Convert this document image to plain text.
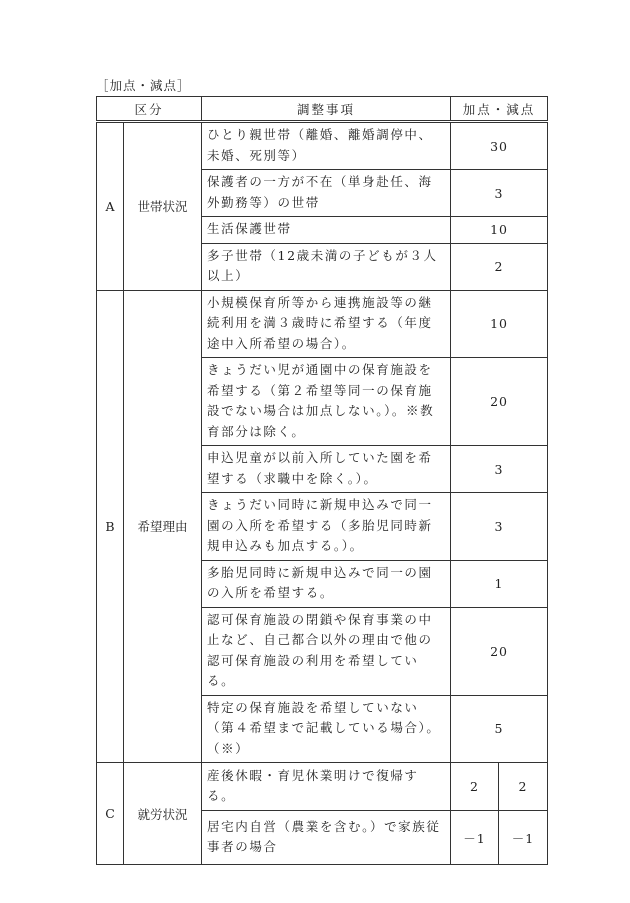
［加点・減点］
区分		調整事項	加点・減点	
A	世帯状況	ひとり親世帯（離婚、離婚調停中、未婚、死別等）	30	
		保護者の一方が不在（単身赴任、海外勤務等）の世帯	3	
		生活保護世帯	10	
		多子世帯（12歳未満の子どもが３人以上）	2	
B	希望理由	小規模保育所等から連携施設等の継続利用を満３歳時に希望する（年度途中入所希望の場合）。	10	
		きょうだい児が通園中の保育施設を希望する（第２希望等同一の保育施設でない場合は加点しない。）。※教育部分は除く。	20	
		申込児童が以前入所していた園を希望する（求職中を除く。）。	3	
		きょうだい同時に新規申込みで同一園の入所を希望する（多胎児同時新規申込みも加点する。）。	3	
		多胎児同時に新規申込みで同一の園の入所を希望する。	1	
		認可保育施設の閉鎖や保育事業の中止など、自己都合以外の理由で他の認可保育施設の利用を希望している。	20	
		特定の保育施設を希望していない（第４希望まで記載している場合）。（※）	5	
C	就労状況	産後休暇・育児休業明けで復帰する。	2	2
		居宅内自営（農業を含む。）で家族従事者の場合	－1	－1
